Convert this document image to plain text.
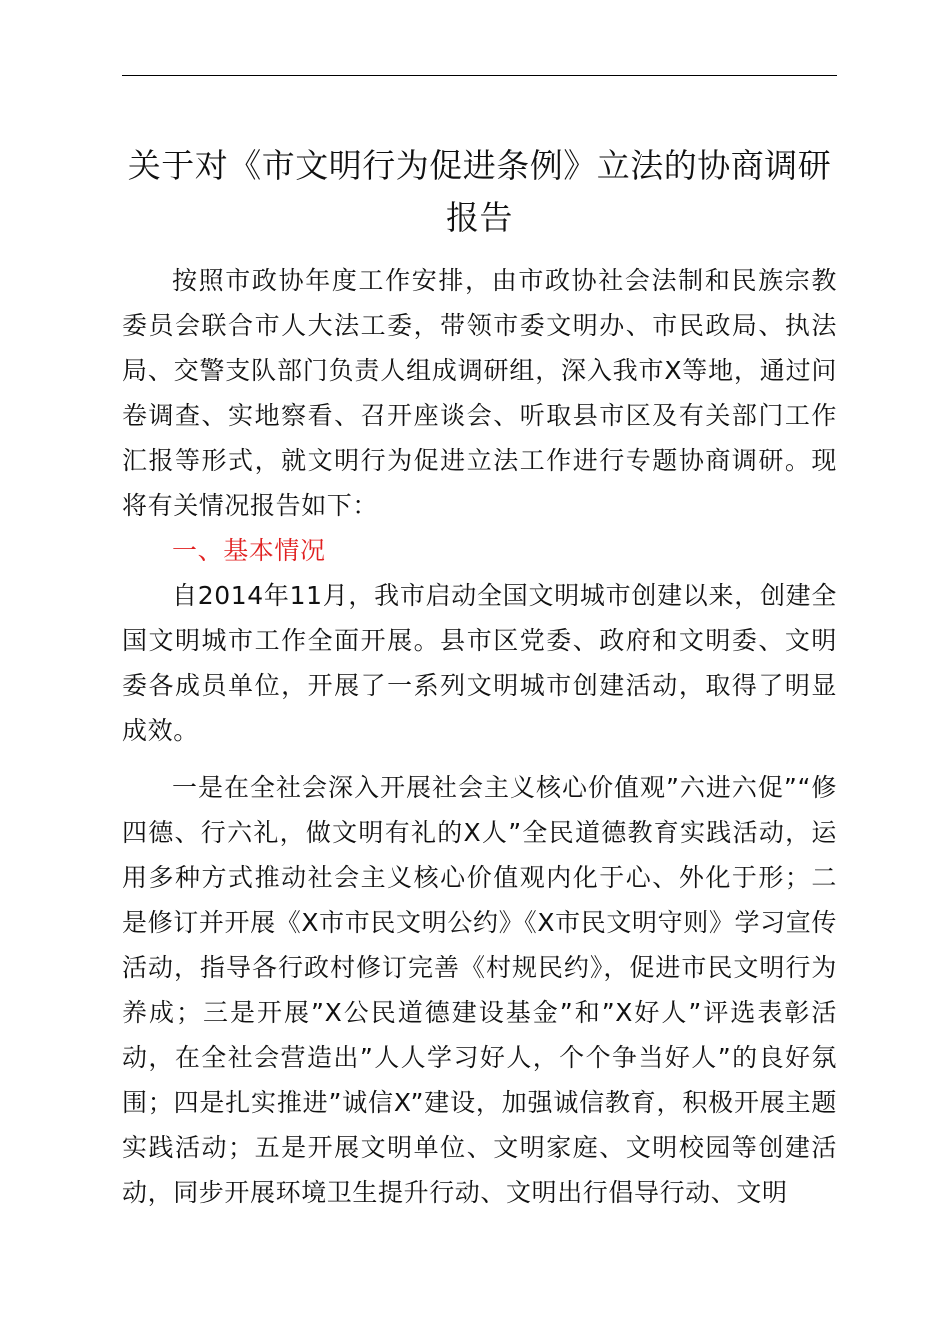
关于对《市文明行为促进条例》立法的协商调研报告

按照市政协年度工作安排，由市政协社会法制和民族宗教委员会联合市人大法工委，带领市委文明办、市民政局、执法局、交警支队部门负责人组成调研组，深入我市X等地，通过问卷调查、实地察看、召开座谈会、听取县市区及有关部门工作汇报等形式，就文明行为促进立法工作进行专题协商调研。现将有关情况报告如下：

一、基本情况

自2014年11月，我市启动全国文明城市创建以来，创建全国文明城市工作全面开展。县市区党委、政府和文明委、文明委各成员单位，开展了一系列文明城市创建活动，取得了明显成效。

一是在全社会深入开展社会主义核心价值观”六进六促”“修四德、行六礼，做文明有礼的X人”全民道德教育实践活动，运用多种方式推动社会主义核心价值观内化于心、外化于形；二是修订并开展《X市市民文明公约》《X市民文明守则》学习宣传活动，指导各行政村修订完善《村规民约》，促进市民文明行为养成；三是开展”X公民道德建设基金”和”X好人”评选表彰活动，在全社会营造出”人人学习好人，个个争当好人”的良好氛围；四是扎实推进”诚信X”建设，加强诚信教育，积极开展主题实践活动；五是开展文明单位、文明家庭、文明校园等创建活动，同步开展环境卫生提升行动、文明出行倡导行动、文明
